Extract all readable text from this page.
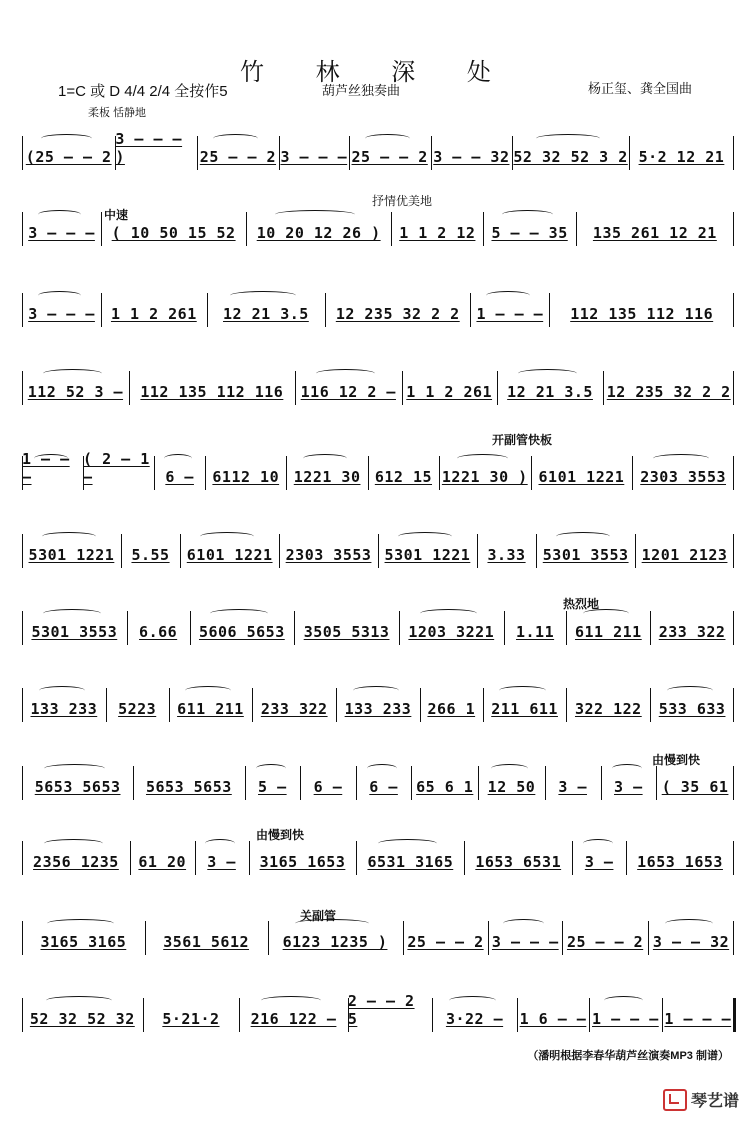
竹 林 深 处
1=C 或 D 4/4 2/4 全按作5	葫芦丝独奏曲	杨正玺、龚全国曲
柔板 恬静地
(25 — — 2
3 — — — )	25 — — 2 3 — — — 25 — — 2 3 — — 32 52 32 52 3 2 5·2 12 21
3 — — — ( 10 50 15 52 10 20 12 26 ) 1 1 2 12 5 — — 35 135 261 12 21
3 — — — 1 1 2 261 12 21 3.5 12 235 32 2 2 1 — — — 112 135 112 116
112 52 3 — 112 135 112 116 116 12 2 — 1 1 2 261 12 21 3.5 12 235 32 2 2
1 — — —
( 2 — 1 —	6 — 6112 10 1221 30 612 15 1221 30 ) 6101 1221 2303 3553
5301 1221 5.55 6101 1221 2303 3553 5301 1221 3.33 5301 3553 1201 2123
5301 3553 6.66 5606 5653 3505 5313 1203 3221 1.11 611 211 233 322
133 233 5223 611 211 233 322 133 233 266 1 211 611 322 122 533 633
5653 5653 5653 5653 5 — 6 — 6 — 65 6 1 12 50 3 — 3 — ( 35 61
2356 1235 61 20 3 — 3165 1653 6531 3165 1653 6531 3 — 1653 1653
3165 3165 3561 5612 6123 1235 ) 25 — — 2 3 — — — 25 — — 2 3 — — 32
52 32 52 32 5·21·2 216 122 —
2 — — 2 5	3·22 — 1 6 — — 1 — — — 1 — — —
中速
抒情优美地
开副管快板
热烈地
由慢到快
由慢到快
关副管
（潘明根据李春华葫芦丝演奏MP3 制谱）
琴艺谱
